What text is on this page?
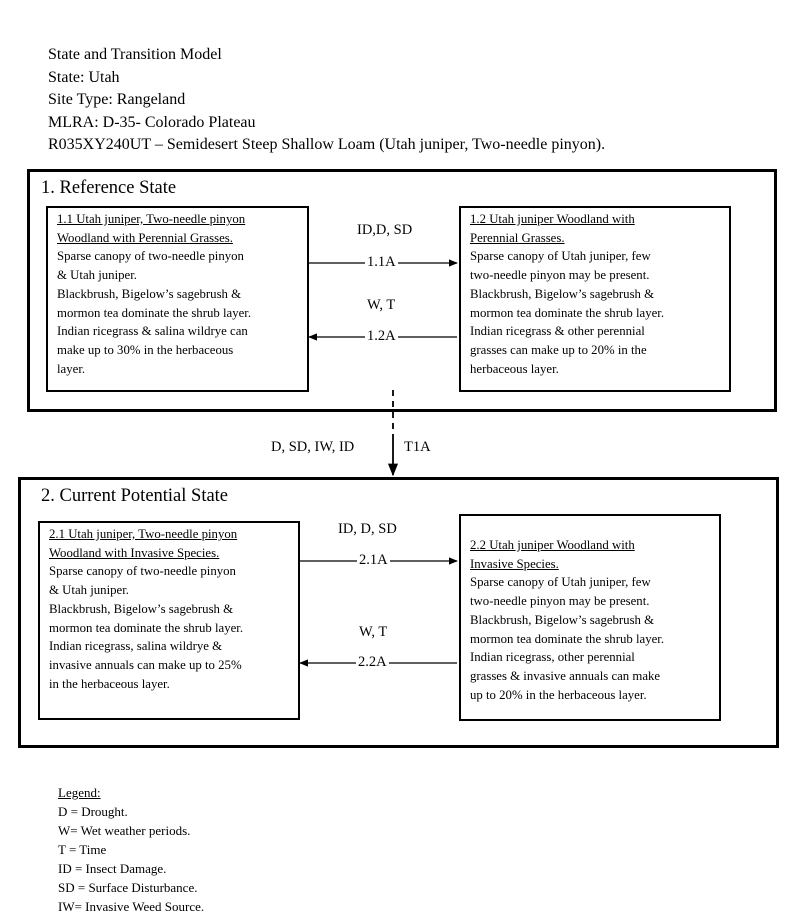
State and Transition Model
State: Utah
Site Type: Rangeland
MLRA: D-35- Colorado Plateau
R035XY240UT – Semidesert Steep Shallow Loam (Utah juniper, Two-needle pinyon).
1. Reference State
1.1 Utah juniper, Two-needle pinyon
Woodland with Perennial Grasses.
Sparse canopy of two-needle pinyon
& Utah juniper.
Blackbrush, Bigelow’s sagebrush &
mormon tea dominate the shrub layer.
Indian ricegrass & salina wildrye can
make up to 30% in the herbaceous
layer.
1.2 Utah juniper Woodland with
Perennial Grasses.
Sparse canopy of Utah juniper, few
two-needle pinyon may be present.
Blackbrush, Bigelow’s sagebrush &
mormon tea dominate the shrub layer.
Indian ricegrass & other perennial
grasses can make up to 20% in the
herbaceous layer.
ID,D, SD
1.1A
W, T
1.2A
D, SD, IW, ID	T1A
2. Current Potential State
2.1 Utah juniper, Two-needle pinyon
Woodland with Invasive Species.
Sparse canopy of two-needle pinyon
& Utah juniper.
Blackbrush, Bigelow’s sagebrush &
mormon tea dominate the shrub layer.
Indian ricegrass, salina wildrye &
invasive annuals can make up to 25%
in the herbaceous layer.
2.2 Utah juniper Woodland with
Invasive Species.
Sparse canopy of Utah juniper, few
two-needle pinyon may be present.
Blackbrush, Bigelow’s sagebrush &
mormon tea dominate the shrub layer.
Indian ricegrass, other perennial
grasses & invasive annuals can make
up to 20% in the herbaceous layer.
ID, D, SD
2.1A
W, T
2.2A
Legend:
D = Drought.
W= Wet weather periods.
T = Time
ID = Insect Damage.
SD = Surface Disturbance.
IW= Invasive Weed Source.
